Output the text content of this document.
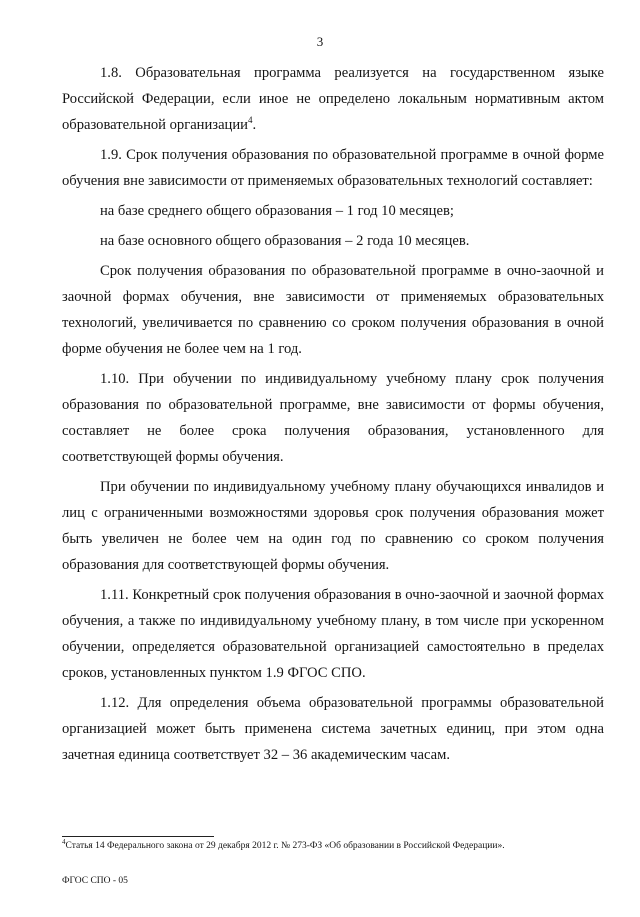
3

1.8. Образовательная программа реализуется на государственном языке Российской Федерации, если иное не определено локальным нормативным актом образовательной организации$^4$.

1.9. Срок получения образования по образовательной программе в очной форме обучения вне зависимости от применяемых образовательных технологий составляет:

на базе среднего общего образования – 1 год 10 месяцев;

на базе основного общего образования – 2 года 10 месяцев.

Срок получения образования по образовательной программе в очно-заочной и заочной формах обучения, вне зависимости от применяемых образовательных технологий, увеличивается по сравнению со сроком получения образования в очной форме обучения не более чем на 1 год.

1.10. При обучении по индивидуальному учебному плану срок получения образования по образовательной программе, вне зависимости от формы обучения, составляет не более срока получения образования, установленного для соответствующей формы обучения.

При обучении по индивидуальному учебному плану обучающихся инвалидов и лиц с ограниченными возможностями здоровья срок получения образования может быть увеличен не более чем на один год по сравнению со сроком получения образования для соответствующей формы обучения.

1.11. Конкретный срок получения образования в очно-заочной и заочной формах обучения, а также по индивидуальному учебному плану, в том числе при ускоренном обучении, определяется образовательной организацией самостоятельно в пределах сроков, установленных пунктом 1.9 ФГОС СПО.

1.12. Для определения объема образовательной программы образовательной организацией может быть применена система зачетных единиц, при этом одна зачетная единица соответствует 32 – 36 академическим часам.

$^4$Статья 14 Федерального закона от 29 декабря 2012 г. № 273-ФЗ «Об образовании в Российской Федерации».
ФГОС СПО - 05
